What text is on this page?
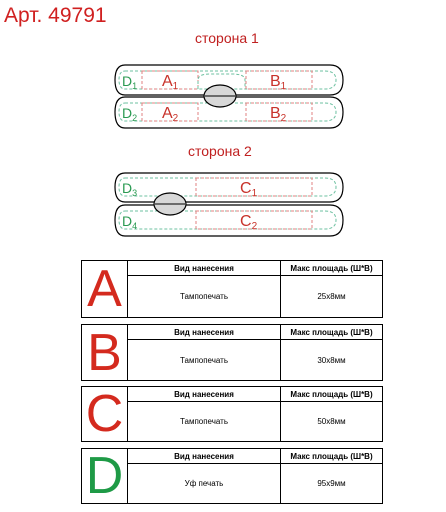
Арт. 49791
сторона 1
сторона 2
$D_1$ A1	B1
$D_2$ A2	B2
$D_3$	C1
$D_4$	C2
A	Вид нанесения	Макс площадь (Ш*В)
Тампопечать	25x8мм
B	Вид нанесения	Макс площадь (Ш*В)
Тампопечать	30x8мм
C	Вид нанесения	Макс площадь (Ш*В)
Тампопечать	50x8мм
D	Вид нанесения	Макс площадь (Ш*В)
Уф печать	95x9мм
